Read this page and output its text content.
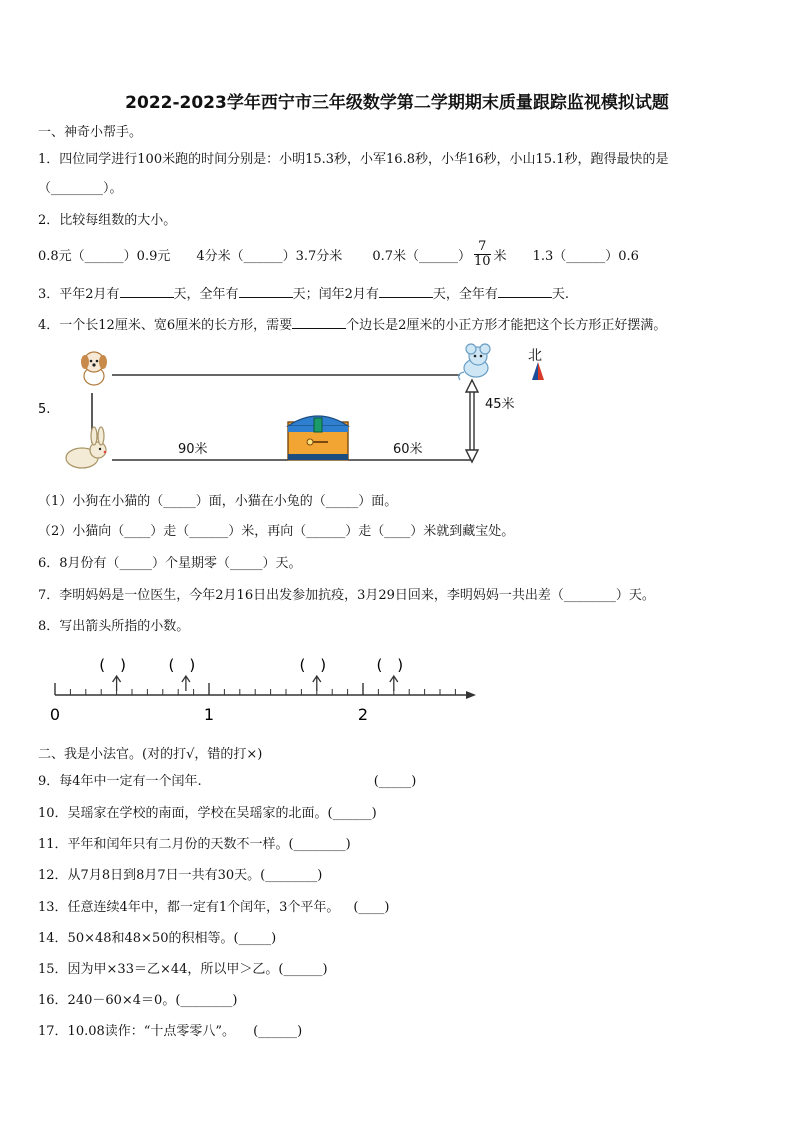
2022-2023学年西宁市三年级数学第二学期期末质量跟踪监视模拟试题
一、神奇小帮手。
1．四位同学进行100米跑的时间分别是：小明15.3秒，小军16.8秒，小华16秒，小山15.1秒，跑得最快的是
（________）。
2．比较每组数的大小。
0.8元（______）0.9元 4分米（______）3.7分米 0.7米（______） $\frac{7}{10}$ 米 1.3（______）0.6
3．平年2月有	天，全年有	天；闰年2月有	天，全年有	天.
4．一个长12厘米、宽6厘米的长方形，需要	个边长是2厘米的小正方形才能把这个长方形正好摆满。
5.
北
45米
90米	60米
（1）小狗在小猫的（_____）面，小猫在小兔的（_____）面。
（2）小猫向（____）走（______）米，再向（______）走（____）米就到藏宝处。
6．8月份有（_____）个星期零（_____）天。
7．李明妈妈是一位医生，今年2月16日出发参加抗疫，3月29日回来，李明妈妈一共出差（________）天。
8．写出箭头所指的小数。
(　)	(　)	(　)	(　)
0	1	2
二、我是小法官。(对的打√，错的打×)
9．每4年中一定有一个闰年.	(_____)
10．吴瑶家在学校的南面，学校在吴瑶家的北面。(______)
11．平年和闰年只有二月份的天数不一样。(________)
12．从7月8日到8月7日一共有30天。(________)
13．任意连续4年中，都一定有1个闰年，3个平年。 (____)
14．50×48和48×50的积相等。(_____)
15．因为甲×33＝乙×44，所以甲＞乙。(______)
16．240－60×4＝0。(________)
17．10.08读作：“十点零零八”。 (______)
